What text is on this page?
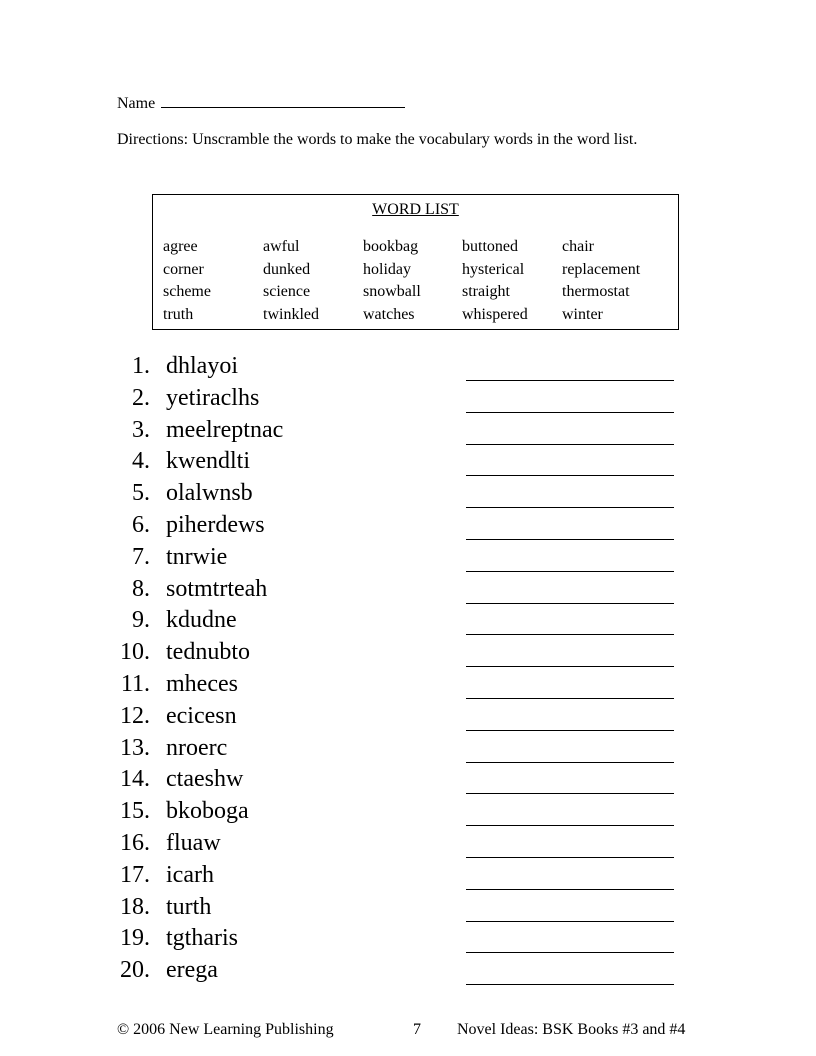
Name
Directions: Unscramble the words to make the vocabulary words in the word list.
WORD LIST
agree	awful	bookbag	buttoned	chair
corner	dunked	holiday	hysterical	replacement
scheme	science	snowball	straight	thermostat
truth	twinkled	watches	whispered	winter
1. dhlayoi
2. yetiraclhs
3. meelreptnac
4. kwendlti
5. olalwnsb
6. piherdews
7. tnrwie
8. sotmtrteah
9. kdudne
10. tednubto
11. mheces
12. ecicesn
13. nroerc
14. ctaeshw
15. bkoboga
16. fluaw
17. icarh
18. turth
19. tgtharis
20. erega
© 2006 New Learning Publishing	7 Novel Ideas: BSK Books #3 and #4
